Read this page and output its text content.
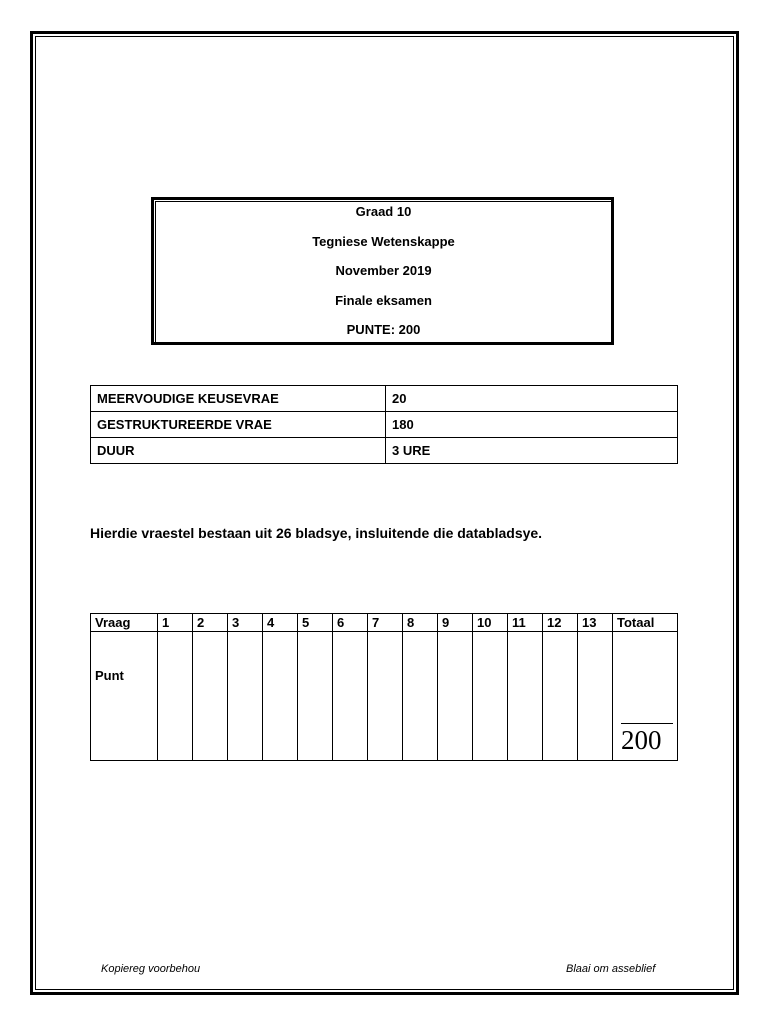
Graad 10
Tegniese Wetenskappe
November 2019
Finale eksamen
PUNTE: 200
MEERVOUDIGE KEUSEVRAE	20
GESTRUKTUREERDE VRAE	180
DUUR	3 URE
Hierdie vraestel bestaan uit 26 bladsye, insluitende die databladsye.
Vraag	1	2	3	4	5	6	7	8	9	10	11	12	13	Totaal
Punt														200
Kopiereg voorbehou	Blaai om asseblief
